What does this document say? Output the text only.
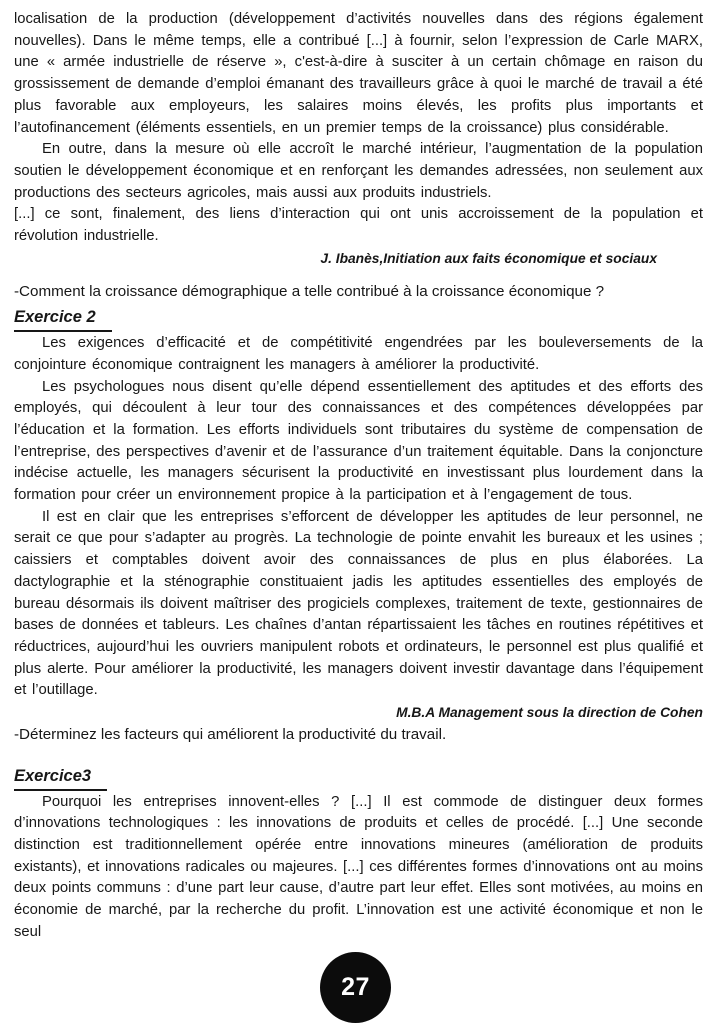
localisation de la production (développement d’activités nouvelles dans des régions également nouvelles). Dans le même temps, elle a contribué [...] à fournir, selon l’expression de Carle MARX, une « armée industrielle de réserve », c'est-à-dire à susciter à un certain chômage en raison du grossissement de demande d’emploi émanant des travailleurs grâce à quoi le marché de travail a été plus favorable aux employeurs, les salaires moins élevés, les profits plus importants et l’autofinancement (éléments essentiels, en un premier temps de la croissance) plus considérable.

En outre, dans la mesure où elle accroît le marché intérieur, l’augmentation de la population soutien le développement économique et en renforçant les demandes adressées, non seulement aux productions des secteurs agricoles, mais aussi aux produits industriels.

[...] ce sont, finalement, des liens d’interaction qui ont unis accroissement de la population et révolution industrielle.

J. Ibanès,Initiation aux faits économique et sociaux

-Comment la croissance démographique a telle contribué à la croissance économique ?

Exercice 2

Les exigences d’efficacité et de compétitivité engendrées par les bouleversements de la conjointure économique contraignent les managers à améliorer la productivité.

Les psychologues nous disent qu’elle dépend essentiellement des aptitudes et des efforts des employés, qui découlent à leur tour des connaissances et des compétences développées par l’éducation et la formation. Les efforts individuels sont tributaires du système de compensation de l’entreprise, des perspectives d’avenir et de l’assurance d’un traitement équitable. Dans la conjoncture indécise actuelle, les managers sécurisent la productivité en investissant plus lourdement dans la formation pour créer un environnement propice à la participation et à l’engagement de tous.

Il est en clair que les entreprises s’efforcent de développer les aptitudes de leur personnel, ne serait ce que pour s’adapter au progrès. La technologie de pointe envahit les bureaux et les usines ; caissiers et comptables doivent avoir des connaissances de plus en plus élaborées. La dactylographie et la sténographie constituaient jadis les aptitudes essentielles des employés de bureau désormais ils doivent maîtriser des progiciels complexes, traitement de texte, gestionnaires de bases de données et tableurs. Les chaînes d’antan répartissaient les tâches en routines répétitives et réductrices, aujourd’hui les ouvriers manipulent robots et ordinateurs, le personnel est plus qualifié et plus alerte. Pour améliorer la productivité, les managers doivent investir davantage dans l’équipement et l’outillage.

M.B.A Management sous la direction de Cohen

-Déterminez les facteurs qui améliorent la productivité du travail.

Exercice3

Pourquoi les entreprises innovent-elles ? [...] Il est commode de distinguer deux formes d’innovations technologiques : les innovations de produits et celles de procédé. [...] Une seconde distinction est traditionnellement opérée entre innovations mineures (amélioration de produits existants), et innovations radicales ou majeures. [...] ces différentes formes d’innovations ont au moins deux points communs : d’une part leur cause, d’autre part leur effet. Elles sont motivées, au moins en économie de marché, par la recherche du profit. L’innovation est une activité économique et non le seul

27
